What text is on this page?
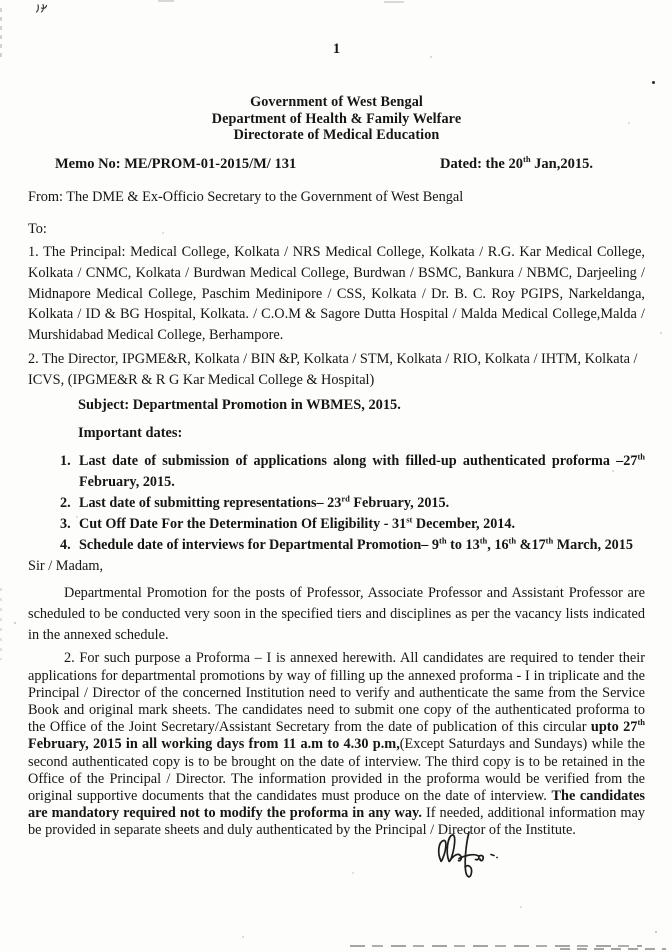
1
Government of West Bengal
Department of Health & Family Welfare
Directorate of Medical Education
Memo No: ME/PROM-01-2015/M/ 131	Dated: the 20th Jan,2015.
From: The DME & Ex-Officio Secretary to the Government of West Bengal
To:

1. The Principal: Medical College, Kolkata / NRS Medical College, Kolkata / R.G. Kar Medical College, Kolkata / CNMC, Kolkata / Burdwan Medical College, Burdwan / BSMC, Bankura / NBMC, Darjeeling / Midnapore Medical College, Paschim Medinipore / CSS, Kolkata / Dr. B. C. Roy PGIPS, Narkeldanga, Kolkata / ID & BG Hospital, Kolkata. / C.O.M & Sagore Dutta Hospital / Malda Medical College,Malda / Murshidabad Medical College, Berhampore.

2. The Director, IPGME&R, Kolkata / BIN &P, Kolkata / STM, Kolkata / RIO, Kolkata / IHTM, Kolkata / ICVS, (IPGME&R & R G Kar Medical College & Hospital)

Subject: Departmental Promotion in WBMES, 2015.
Important dates:
1. Last date of submission of applications along with filled-up authenticated proforma –27th February, 2015.
2. Last date of submitting representations– 23rd February, 2015.
3. Cut Off Date For the Determination Of Eligibility - 31st December, 2014.
4. Schedule date of interviews for Departmental Promotion– 9th to 13th, 16th &17th March, 2015
Sir / Madam,

Departmental Promotion for the posts of Professor, Associate Professor and Assistant Professor are scheduled to be conducted very soon in the specified tiers and disciplines as per the vacancy lists indicated in the annexed schedule.

2. For such purpose a Proforma – I is annexed herewith. All candidates are required to tender their applications for departmental promotions by way of filling up the annexed proforma - I in triplicate and the Principal / Director of the concerned Institution need to verify and authenticate the same from the Service Book and original mark sheets. The candidates need to submit one copy of the authenticated proforma to the Office of the Joint Secretary/Assistant Secretary from the date of publication of this circular upto 27th February, 2015 in all working days from 11 a.m to 4.30 p.m,(Except Saturdays and Sundays) while the second authenticated copy is to be brought on the date of interview. The third copy is to be retained in the Office of the Principal / Director. The information provided in the proforma would be verified from the original supportive documents that the candidates must produce on the date of interview. The candidates are mandatory required not to modify the proforma in any way. If needed, additional information may be provided in separate sheets and duly authenticated by the Principal / Director of the Institute.
